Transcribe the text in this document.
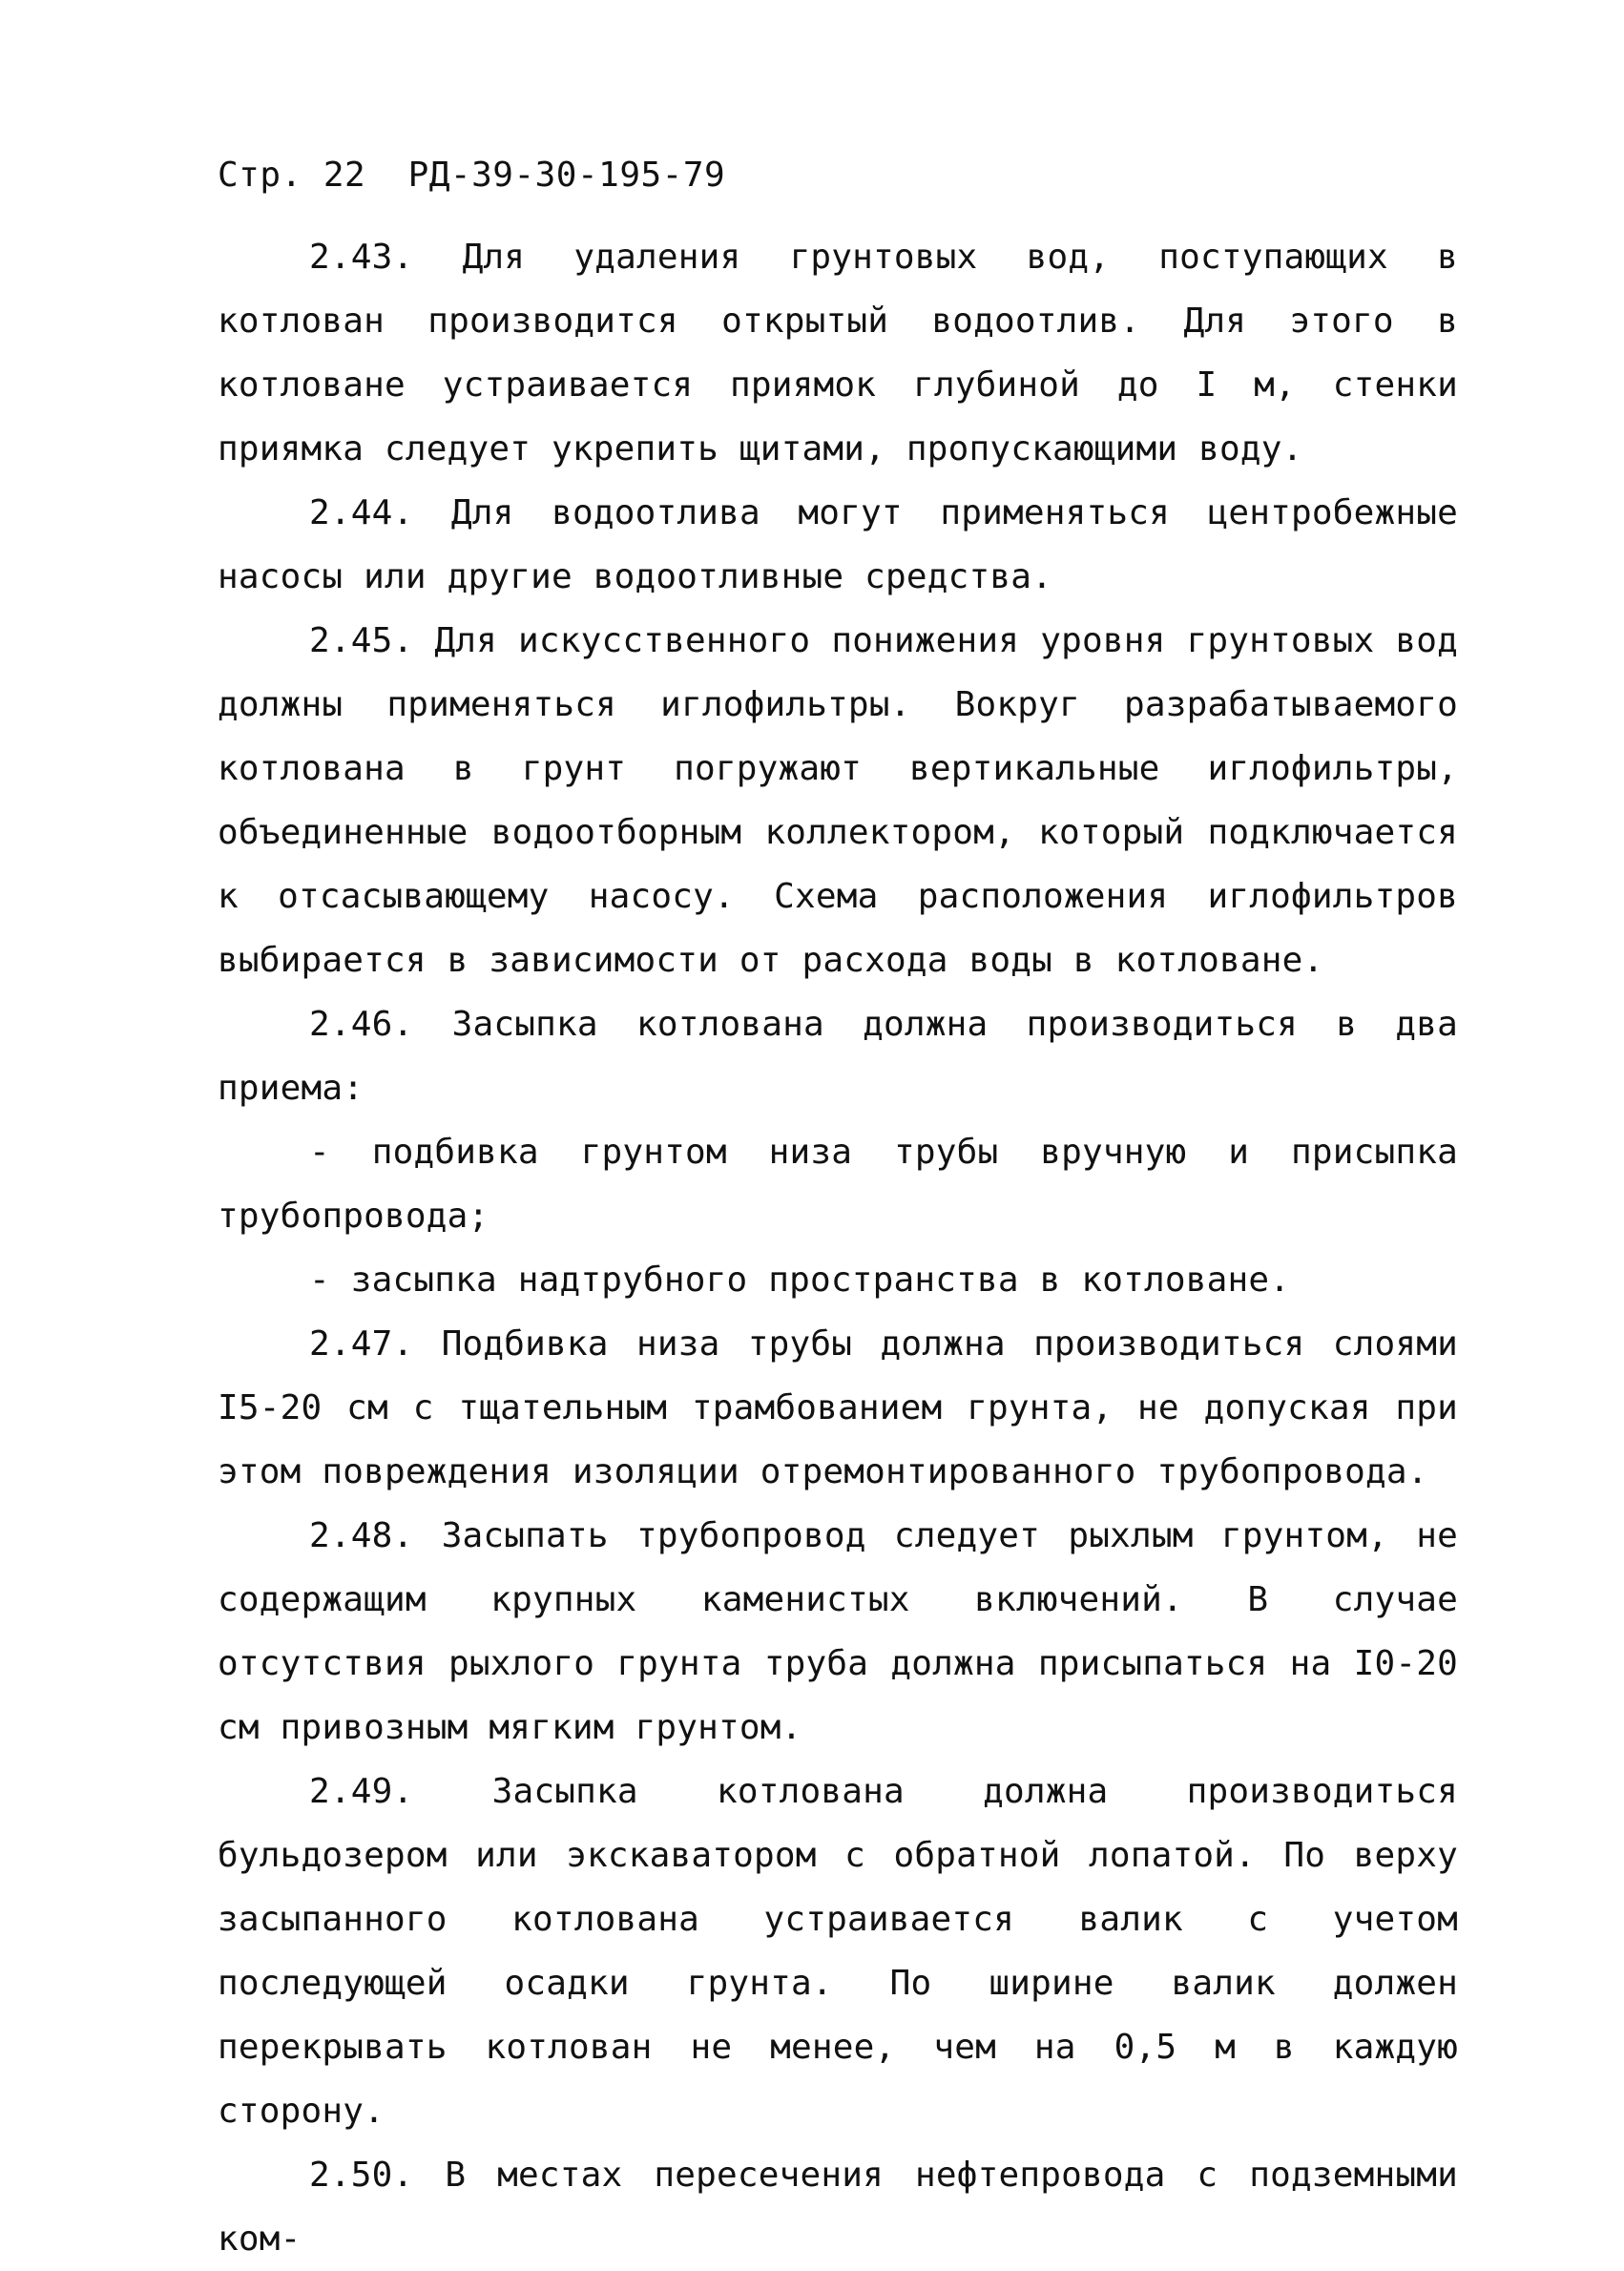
Стр. 22 РД-39-30-195-79

2.43. Для удаления грунтовых вод, поступающих в котлован производится открытый водоотлив. Для этого в котловане устраивается приямок глубиной до I м, стенки приямка следует укрепить щитами, пропускающими воду.

2.44. Для водоотлива могут применяться центробежные насосы или другие водоотливные средства.

2.45. Для искусственного понижения уровня грунтовых вод должны применяться иглофильтры. Вокруг разрабатываемого котлована в грунт погружают вертикальные иглофильтры, объединенные водоотборным коллектором, который подключается к отсасывающему насосу. Схема расположения иглофильтров выбирается в зависимости от расхода воды в котловане.

2.46. Засыпка котлована должна производиться в два приема:

- подбивка грунтом низа трубы вручную и присыпка трубопровода;

- засыпка надтрубного пространства в котловане.

2.47. Подбивка низа трубы должна производиться слоями I5-20 см с тщательным трамбованием грунта, не допуская при этом повреждения изоляции отремонтированного трубопровода.

2.48. Засыпать трубопровод следует рыхлым грунтом, не содержащим крупных каменистых включений. В случае отсутствия рыхлого грунта труба должна присыпаться на I0-20 см привозным мягким грунтом.

2.49. Засыпка котлована должна производиться бульдозером или экскаватором с обратной лопатой. По верху засыпанного котлована устраивается валик с учетом последующей осадки грунта. По ширине валик должен перекрывать котлован не менее, чем на 0,5 м в каждую сторону.

2.50. В местах пересечения нефтепровода с подземными ком-
